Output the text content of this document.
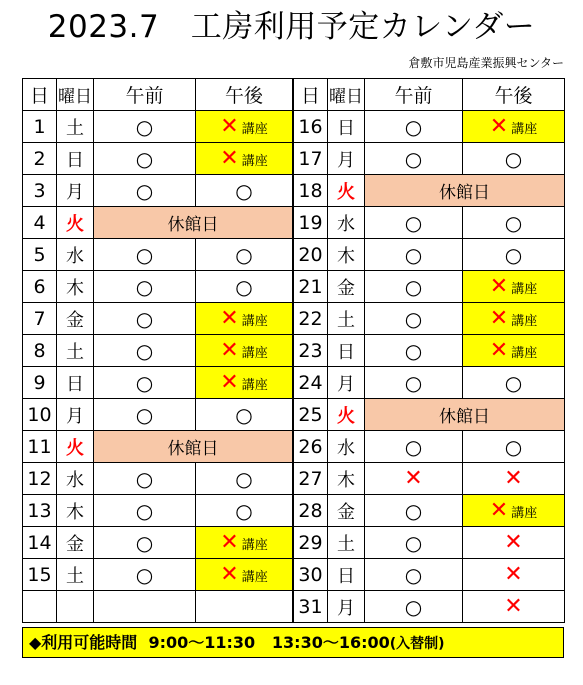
2023.7　工房利用予定カレンダー
倉敷市児島産業振興センター
日	曜日	午前	午後
1	土	○	✕ 講座
2	日	○	✕ 講座
3	月	○	○
4	火	休館日	
5	水	○	○
6	木	○	○
7	金	○	✕ 講座
8	土	○	✕ 講座
9	日	○	✕ 講座
10	月	○	○
11	火	休館日	
12	水	○	○
13	木	○	○
14	金	○	✕ 講座
15	土	○	✕ 講座

日	曜日	午前	午後
16	日	○	✕ 講座
17	月	○	○
18	火	休館日	
19	水	○	○
20	木	○	○
21	金	○	✕ 講座
22	土	○	✕ 講座
23	日	○	✕ 講座
24	月	○	○
25	火	休館日	
26	水	○	○
27	木	✕	✕
28	金	○	✕ 講座
29	土	○	✕
30	日	○	✕
31	月	○	✕
◆利用可能時間 9:00～11:30 13:30～16:00(入替制)
